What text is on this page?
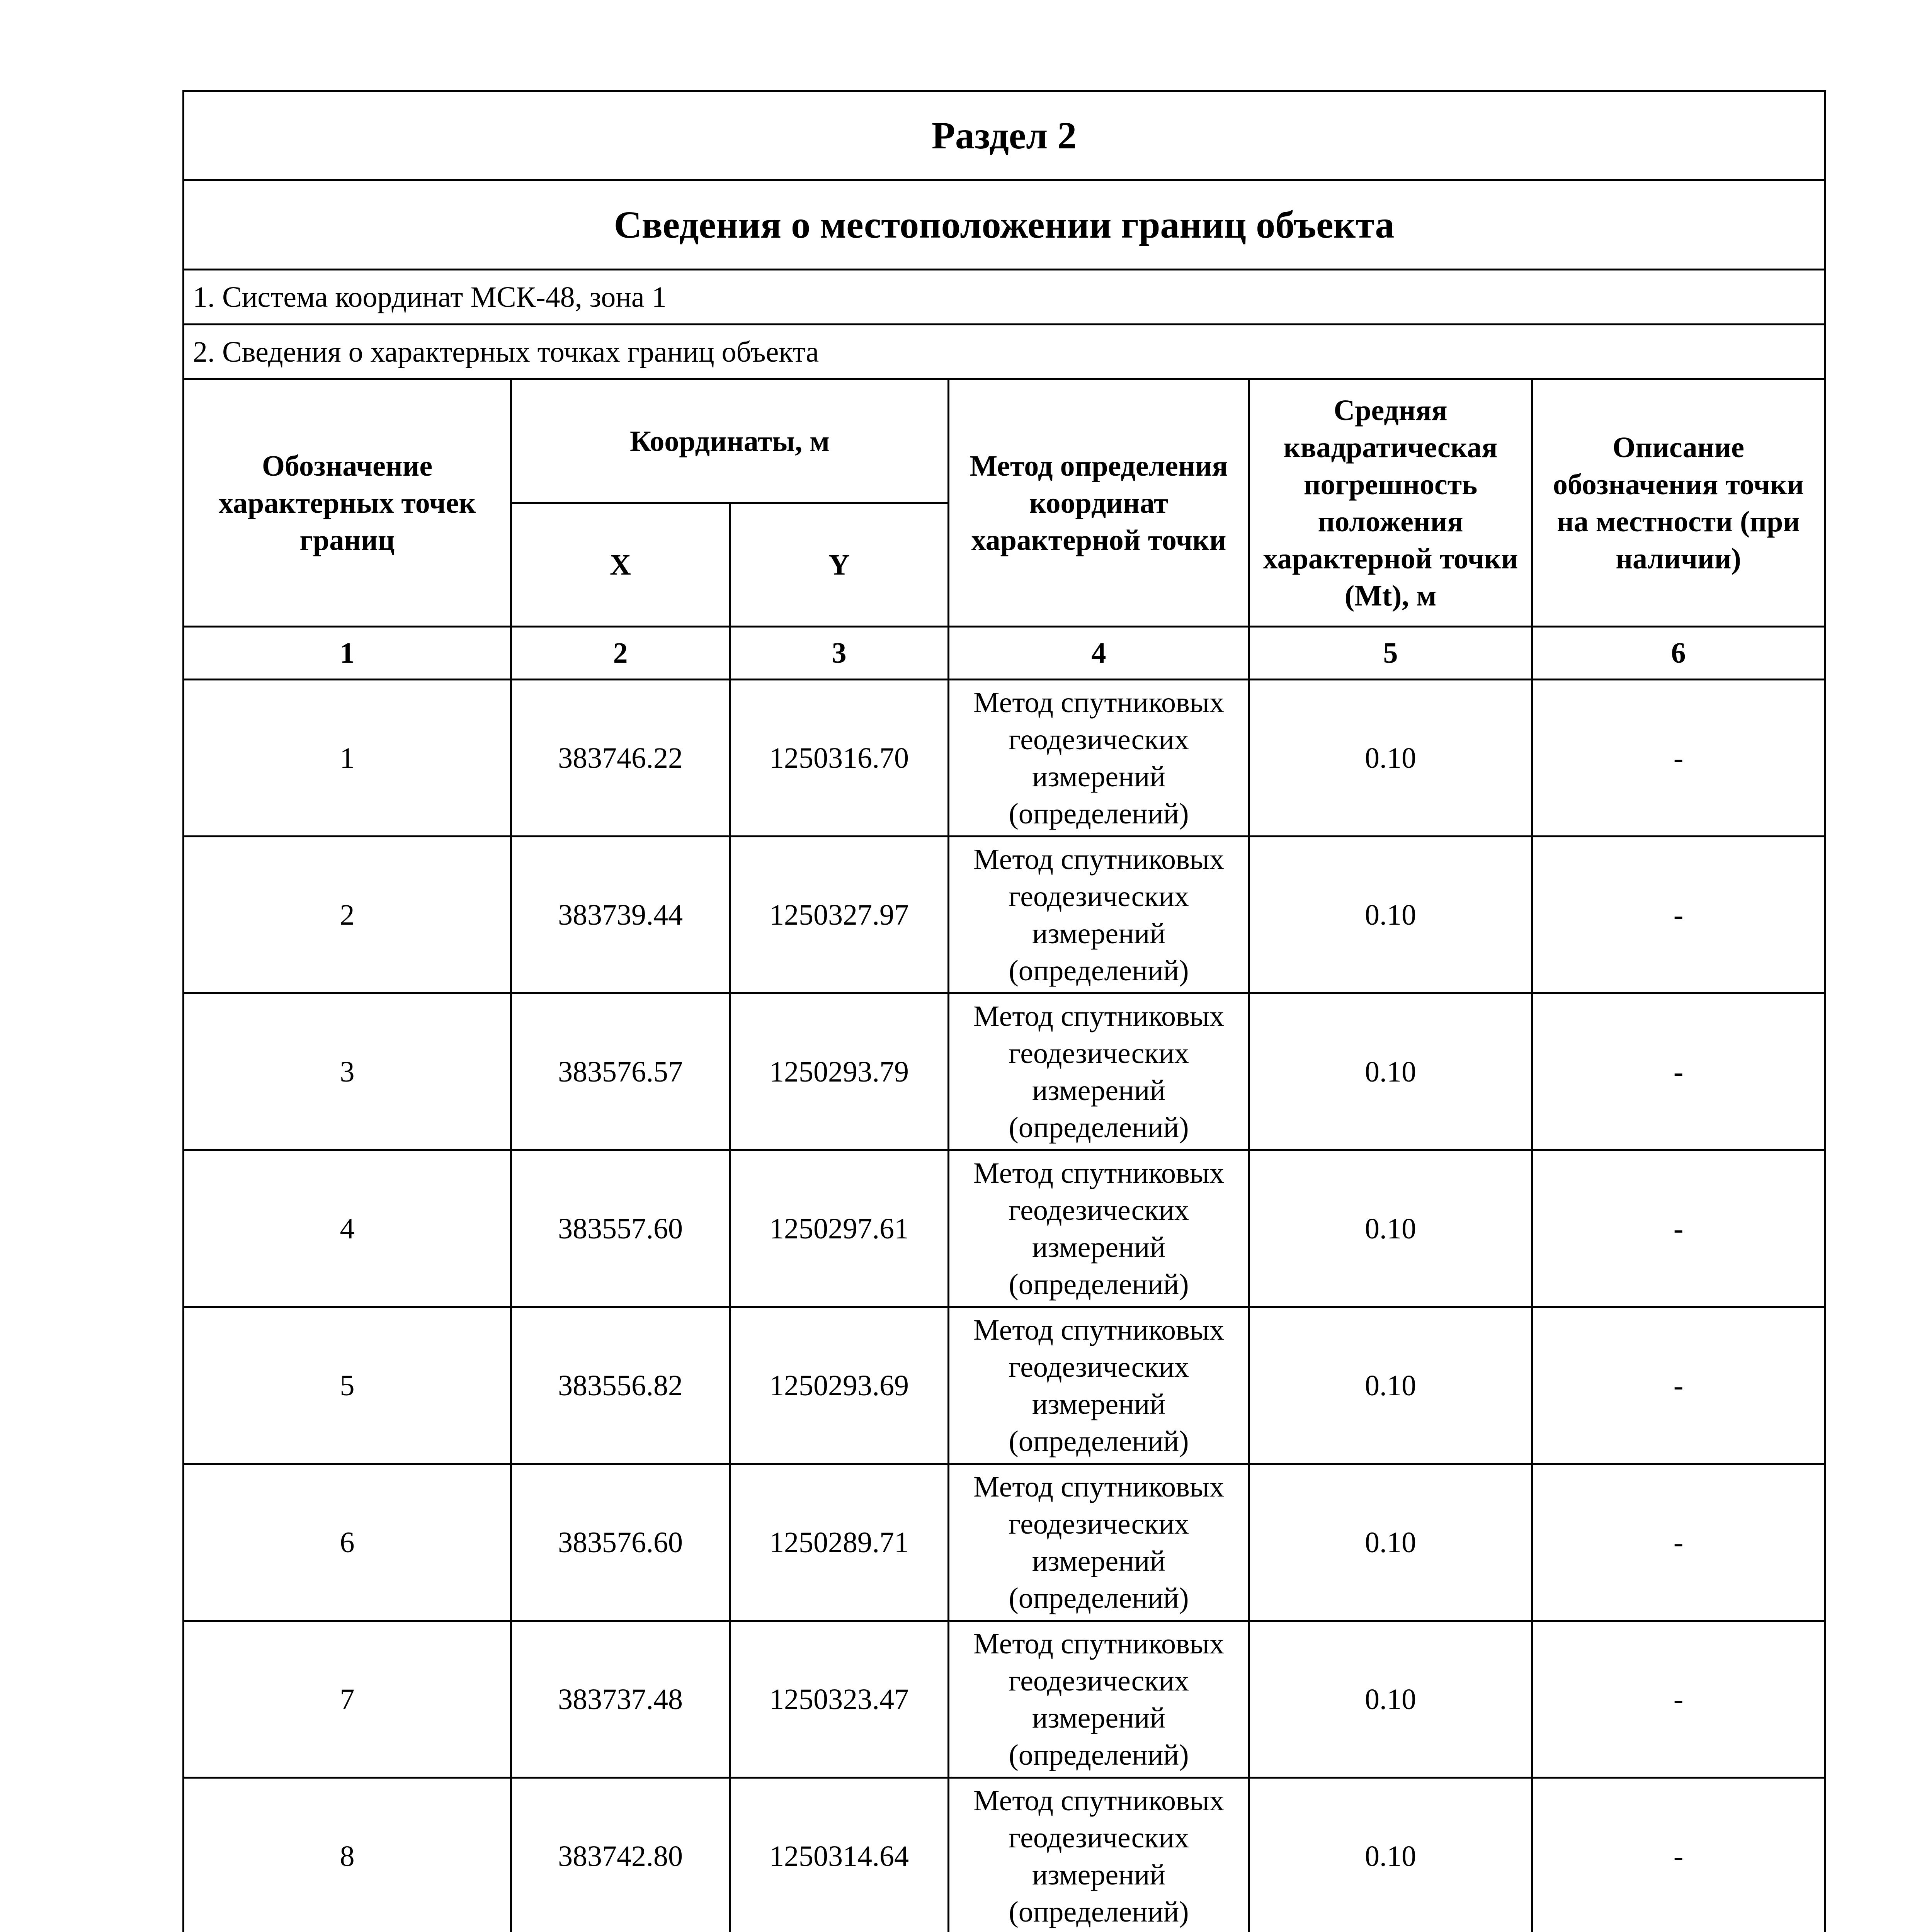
Раздел 2					
Сведения о местоположении границ объекта					
1. Система координат МСК-48, зона 1					
2. Сведения о характерных точках границ объекта					
Обозначение характерных точек границ	Координаты, м		Метод определения координат характерной точки	Средняя квадратическая погрешность положения характерной точки (Mt), м	Описание обозначения точки на местности (при наличии)
	X	Y			
1	2	3	4	5	6
1	383746.22	1250316.70	Метод спутниковых геодезических измерений (определений)	0.10	-
2	383739.44	1250327.97	Метод спутниковых геодезических измерений (определений)	0.10	-
3	383576.57	1250293.79	Метод спутниковых геодезических измерений (определений)	0.10	-
4	383557.60	1250297.61	Метод спутниковых геодезических измерений (определений)	0.10	-
5	383556.82	1250293.69	Метод спутниковых геодезических измерений (определений)	0.10	-
6	383576.60	1250289.71	Метод спутниковых геодезических измерений (определений)	0.10	-
7	383737.48	1250323.47	Метод спутниковых геодезических измерений (определений)	0.10	-
8	383742.80	1250314.64	Метод спутниковых геодезических измерений (определений)	0.10	-
